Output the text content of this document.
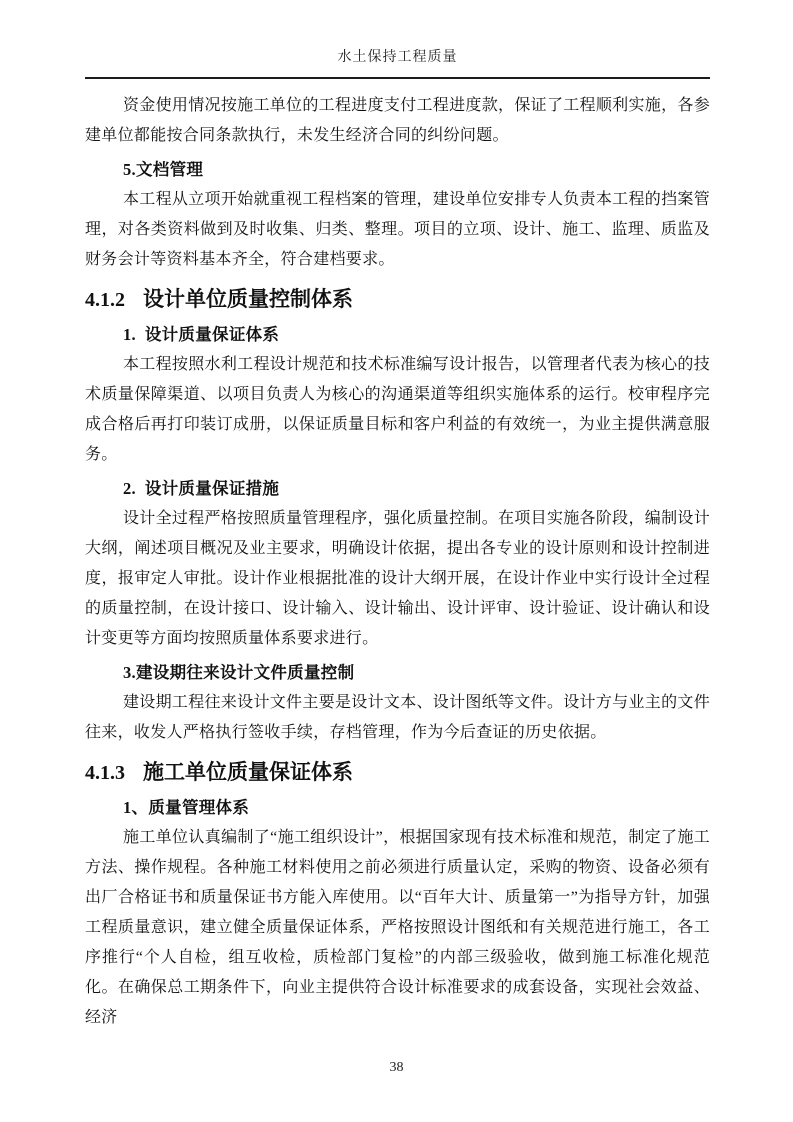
水土保持工程质量

资金使用情况按施工单位的工程进度支付工程进度款，保证了工程顺利实施，各参建单位都能按合同条款执行，未发生经济合同的纠纷问题。

5.文档管理

本工程从立项开始就重视工程档案的管理，建设单位安排专人负责本工程的挡案管理，对各类资料做到及时收集、归类、整理。项目的立项、设计、施工、监理、质监及财务会计等资料基本齐全，符合建档要求。

4.1.2 设计单位质量控制体系
1.  设计质量保证体系

本工程按照水利工程设计规范和技术标准编写设计报告，以管理者代表为核心的技术质量保障渠道、以项目负责人为核心的沟通渠道等组织实施体系的运行。校审程序完成合格后再打印装订成册，以保证质量目标和客户利益的有效统一，为业主提供满意服务。

2.  设计质量保证措施

设计全过程严格按照质量管理程序，强化质量控制。在项目实施各阶段，编制设计大纲，阐述项目概况及业主要求，明确设计依据，提出各专业的设计原则和设计控制进度，报审定人审批。设计作业根据批准的设计大纲开展，在设计作业中实行设计全过程的质量控制，在设计接口、设计输入、设计输出、设计评审、设计验证、设计确认和设计变更等方面均按照质量体系要求进行。

3.建设期往来设计文件质量控制

建设期工程往来设计文件主要是设计文本、设计图纸等文件。设计方与业主的文件往来，收发人严格执行签收手续，存档管理，作为今后查证的历史依据。

4.1.3 施工单位质量保证体系
1、质量管理体系

施工单位认真编制了“施工组织设计”，根据国家现有技术标准和规范，制定了施工方法、操作规程。各种施工材料使用之前必须进行质量认定，采购的物资、设备必须有出厂合格证书和质量保证书方能入库使用。以“百年大计、质量第一”为指导方针，加强工程质量意识，建立健全质量保证体系，严格按照设计图纸和有关规范进行施工，各工序推行“个人自检，组互收检，质检部门复检”的内部三级验收，做到施工标准化规范化。在确保总工期条件下，向业主提供符合设计标准要求的成套设备，实现社会效益、经济

38
